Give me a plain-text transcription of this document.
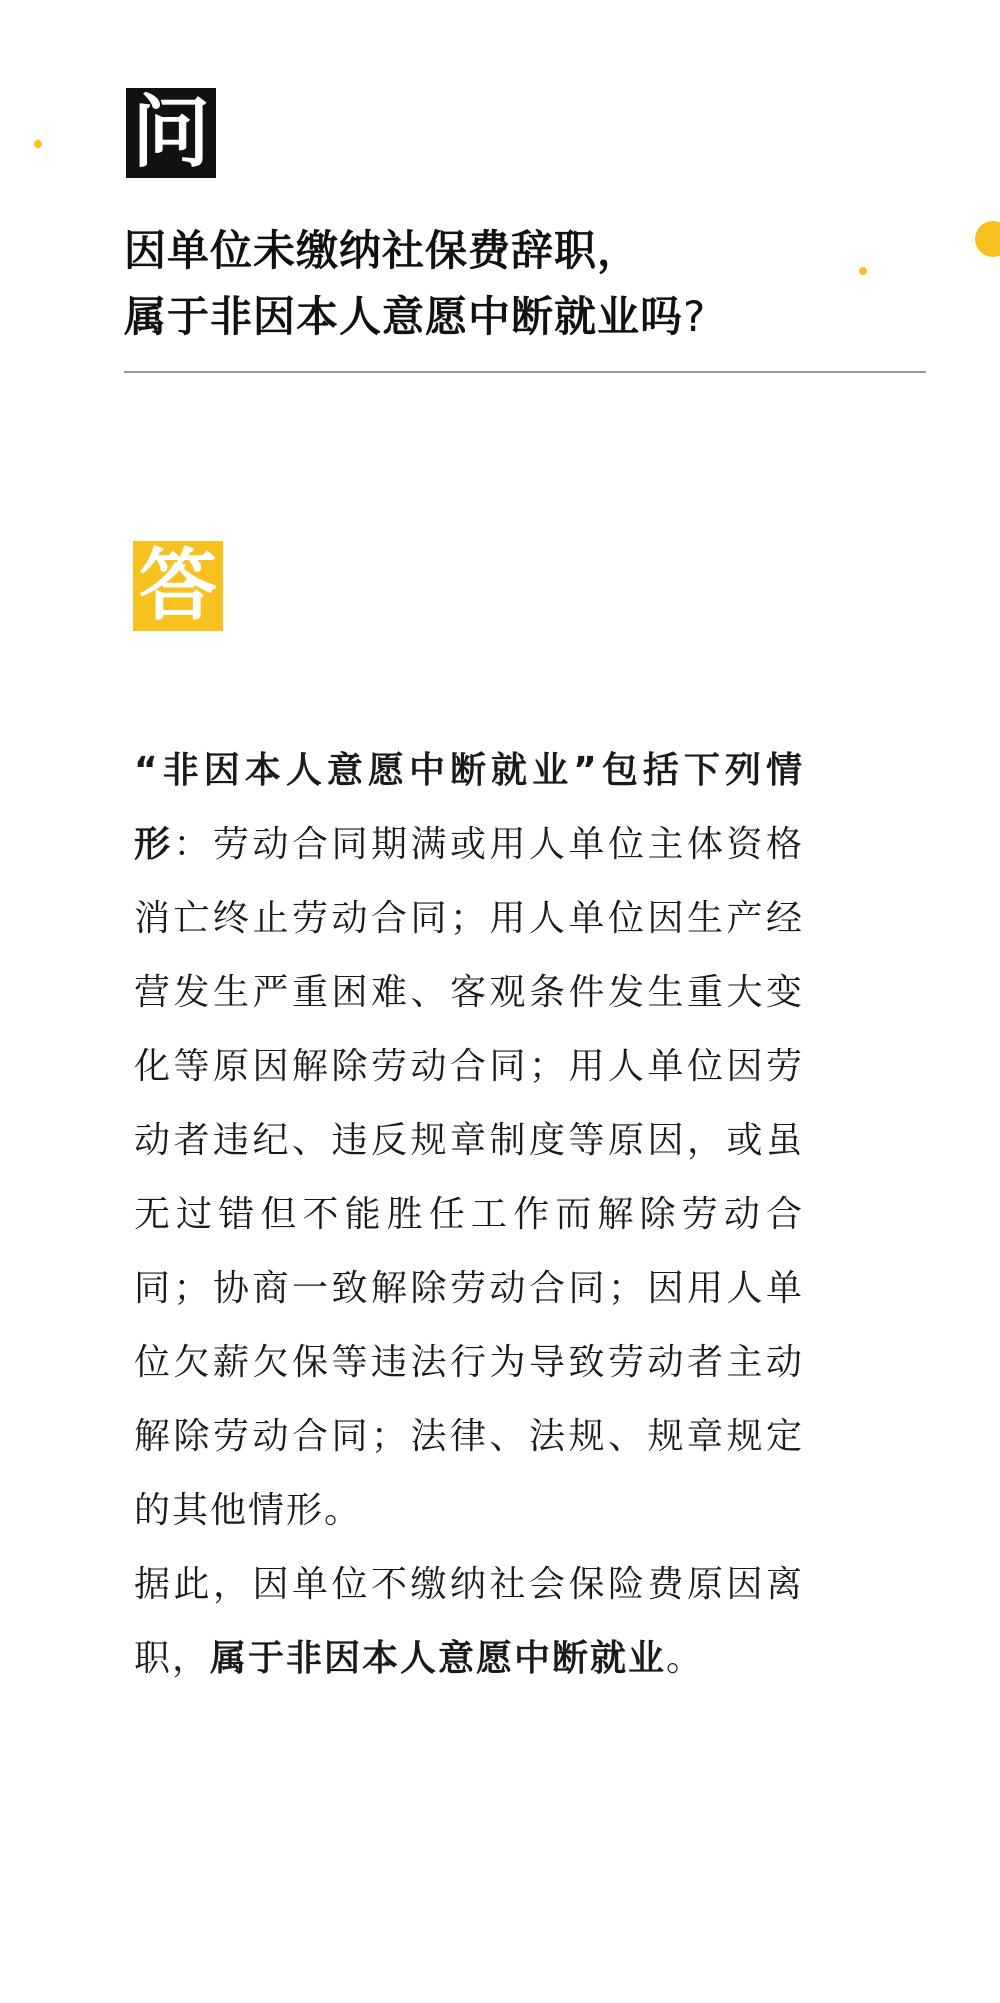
问
因单位未缴纳社保费辞职，
属于非因本人意愿中断就业吗?
答

“非因本人意愿中断就业”包括下列情形：劳动合同期满或用人单位主体资格消亡终止劳动合同；用人单位因生产经营发生严重困难、客观条件发生重大变化等原因解除劳动合同；用人单位因劳动者违纪、违反规章制度等原因，或虽无过错但不能胜任工作而解除劳动合同；协商一致解除劳动合同；因用人单位欠薪欠保等违法行为导致劳动者主动解除劳动合同；法律、法规、规章规定的其他情形。

据此，因单位不缴纳社会保险费原因离职，属于非因本人意愿中断就业。
